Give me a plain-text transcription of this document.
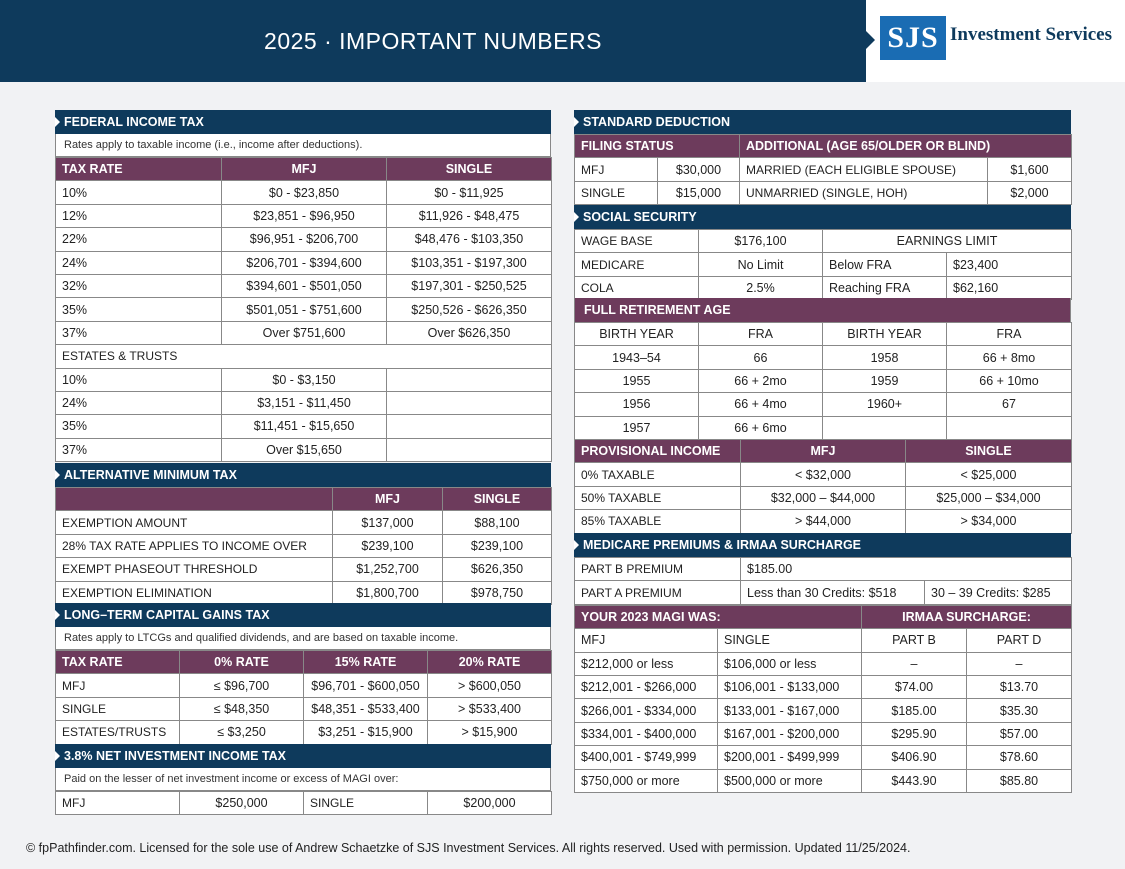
2025 · IMPORTANT NUMBERS	SJS Investment Services
FEDERAL INCOME TAX
Rates apply to taxable income (i.e., income after deductions).
TAX RATE	MFJ	SINGLE
10%	$0 - $23,850	$0 - $11,925
12%	$23,851 - $96,950	$11,926 - $48,475
22%	$96,951 - $206,700	$48,476 - $103,350
24%	$206,701 - $394,600	$103,351 - $197,300
32%	$394,601 - $501,050	$197,301 - $250,525
35%	$501,051 - $751,600	$250,526 - $626,350
37%	Over $751,600	Over $626,350
ESTATES & TRUSTS		
10%	$0 - $3,150	
24%	$3,151 - $11,450	
35%	$11,451 - $15,650	
37%	Over $15,650	
ALTERNATIVE MINIMUM TAX
	MFJ	SINGLE
EXEMPTION AMOUNT	$137,000	$88,100
28% TAX RATE APPLIES TO INCOME OVER	$239,100	$239,100
EXEMPT PHASEOUT THRESHOLD	$1,252,700	$626,350
EXEMPTION ELIMINATION	$1,800,700	$978,750
LONG–TERM CAPITAL GAINS TAX
Rates apply to LTCGs and qualified dividends, and are based on taxable income.
TAX RATE	0% RATE	15% RATE	20% RATE
MFJ	≤ $96,700	$96,701 - $600,050	> $600,050
SINGLE	≤ $48,350	$48,351 - $533,400	> $533,400
ESTATES/TRUSTS	≤ $3,250	$3,251 - $15,900	> $15,900
3.8% NET INVESTMENT INCOME TAX
Paid on the lesser of net investment income or excess of MAGI over:
MFJ	$250,000	SINGLE	$200,000
STANDARD DEDUCTION
FILING STATUS		ADDITIONAL (AGE 65/OLDER OR BLIND)	
MFJ	$30,000	MARRIED (EACH ELIGIBLE SPOUSE)	$1,600
SINGLE	$15,000	UNMARRIED (SINGLE, HOH)	$2,000
SOCIAL SECURITY
WAGE BASE	$176,100	EARNINGS LIMIT	
MEDICARE	No Limit	Below FRA	$23,400
COLA	2.5%	Reaching FRA	$62,160
FULL RETIREMENT AGE
BIRTH YEAR	FRA	BIRTH YEAR	FRA
1943–54	66	1958	66 + 8mo
1955	66 + 2mo	1959	66 + 10mo
1956	66 + 4mo	1960+	67
1957	66 + 6mo		
PROVISIONAL INCOME	MFJ	SINGLE
0% TAXABLE	< $32,000	< $25,000
50% TAXABLE	$32,000 – $44,000	$25,000 – $34,000
85% TAXABLE	> $44,000	> $34,000
MEDICARE PREMIUMS & IRMAA SURCHARGE
PART B PREMIUM	$185.00	
PART A PREMIUM	Less than 30 Credits: $518	30 – 39 Credits: $285
YOUR 2023 MAGI WAS:		IRMAA SURCHARGE:	
MFJ	SINGLE	PART B	PART D
$212,000 or less	$106,000 or less	–	–
$212,001 - $266,000	$106,001 - $133,000	$74.00	$13.70
$266,001 - $334,000	$133,001 - $167,000	$185.00	$35.30
$334,001 - $400,000	$167,001 - $200,000	$295.90	$57.00
$400,001 - $749,999	$200,001 - $499,999	$406.90	$78.60
$750,000 or more	$500,000 or more	$443.90	$85.80
© fpPathfinder.com. Licensed for the sole use of Andrew Schaetzke of SJS Investment Services. All rights reserved. Used with permission. Updated 11/25/2024.
